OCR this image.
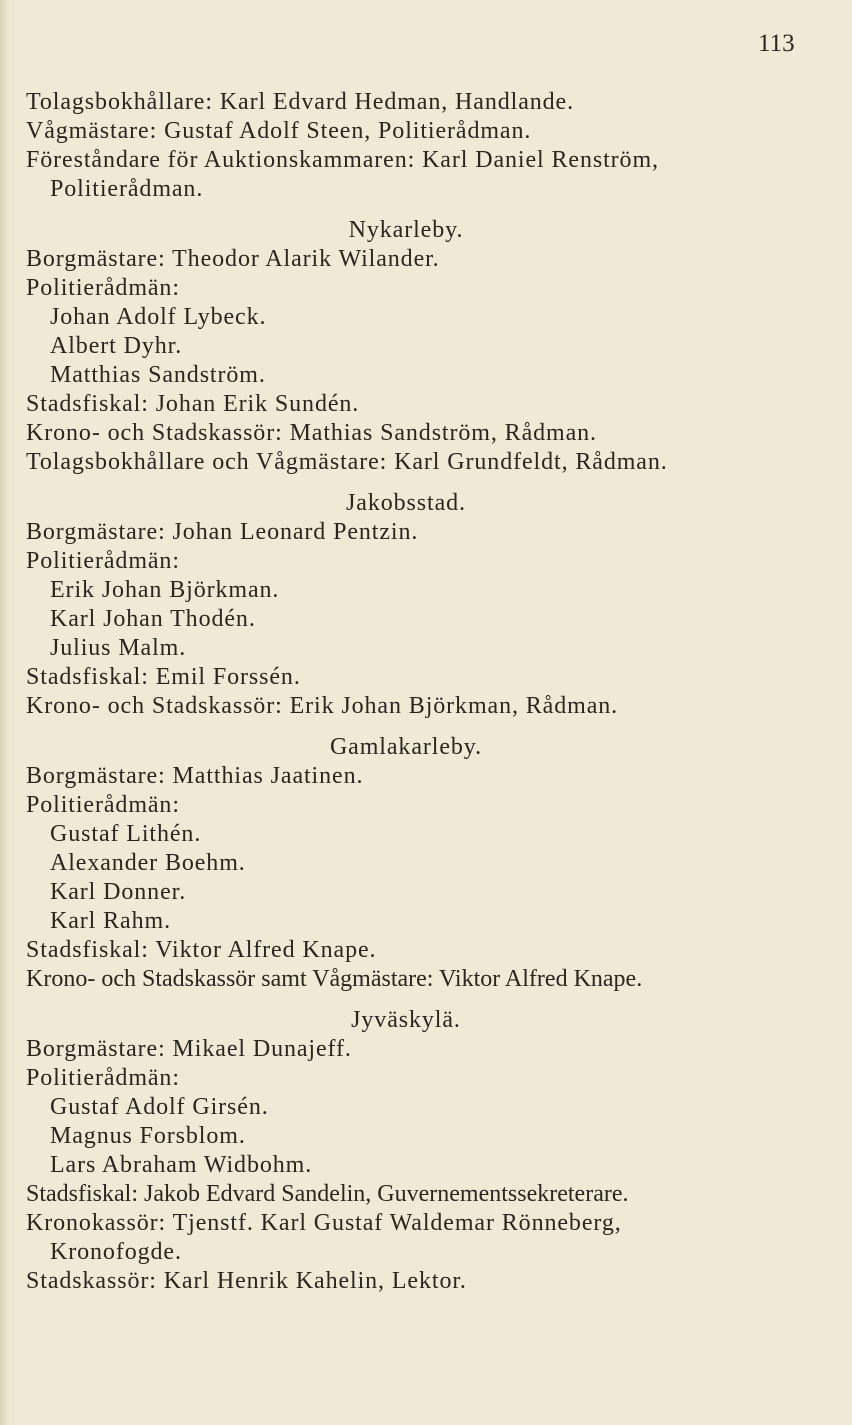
113
Tolagsbokhållare: Karl Edvard Hedman, Handlande.
Vågmästare: Gustaf Adolf Steen, Politierådman.
Föreståndare för Auktionskammaren: Karl Daniel Renström,
Politierådman.
Nykarleby.
Borgmästare: Theodor Alarik Wilander.
Politierådmän:
Johan Adolf Lybeck.
Albert Dyhr.
Matthias Sandström.
Stadsfiskal: Johan Erik Sundén.
Krono- och Stadskassör: Mathias Sandström, Rådman.
Tolagsbokhållare och Vågmästare: Karl Grundfeldt, Rådman.
Jakobsstad.
Borgmästare: Johan Leonard Pentzin.
Politierådmän:
Erik Johan Björkman.
Karl Johan Thodén.
Julius Malm.
Stadsfiskal: Emil Forssén.
Krono- och Stadskassör: Erik Johan Björkman, Rådman.
Gamlakarleby.
Borgmästare: Matthias Jaatinen.
Politierådmän:
Gustaf Lithén.
Alexander Boehm.
Karl Donner.
Karl Rahm.
Stadsfiskal: Viktor Alfred Knape.
Krono- och Stadskassör samt Vågmästare: Viktor Alfred Knape.
Jyväskylä.
Borgmästare: Mikael Dunajeff.
Politierådmän:
Gustaf Adolf Girsén.
Magnus Forsblom.
Lars Abraham Widbohm.
Stadsfiskal: Jakob Edvard Sandelin, Guvernementssekreterare.
Kronokassör: Tjenstf. Karl Gustaf Waldemar Rönneberg,
Kronofogde.
Stadskassör: Karl Henrik Kahelin, Lektor.
